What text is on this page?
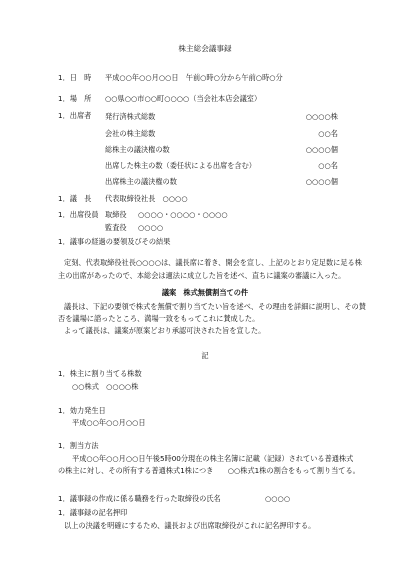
株主総会議事録
1．日　時 平成○○年○○月○○日　午前○時○分から午前○時○分
1．場　所 ○○県○○市○○町○○○○（当会社本店会議室）
1．出席者 発行済株式総数	○○○○株
会社の株主総数	○○名
総株主の議決権の数	○○○○個
出席した株主の数（委任状による出席を含む）	○○名
出席株主の議決権の数	○○○○個
1．議　長 代表取締役社長　○○○○
1．出席役員 取締役 ○○○○・○○○○・○○○○
監査役 ○○○○
1．議事の経過の要領及びその結果
定刻、代表取締役社長○○○○は、議長席に着き、開会を宣し、上記のとおり定足数に足る株
主の出席があったので、本総会は適法に成立した旨を述べ、直ちに議案の審議に入った。
議案　株式無償割当ての件
議長は、下記の要領で株式を無償で割り当てたい旨を述べ、その理由を詳細に説明し、その賛
否を議場に諮ったところ、満場一致をもってこれに賛成した。
よって議長は、議案が原案どおり承認可決された旨を宣した。
記
1．株主に割り当てる株数
○○株式　○○○○株
1．効力発生日
平成○○年○○月○○日
1．割当方法
平成○○年○○月○○日午後5時00分現在の株主名簿に記載（記録）されている普通株式
の株主に対し、その所有する普通株式1株につき　　○○株式1株の割合をもって割り当てる。
1．議事録の作成に係る職務を行った取締役の氏名	○○○○
1．議事録の記名押印
以上の決議を明確にするため、議長および出席取締役がこれに記名押印する。
